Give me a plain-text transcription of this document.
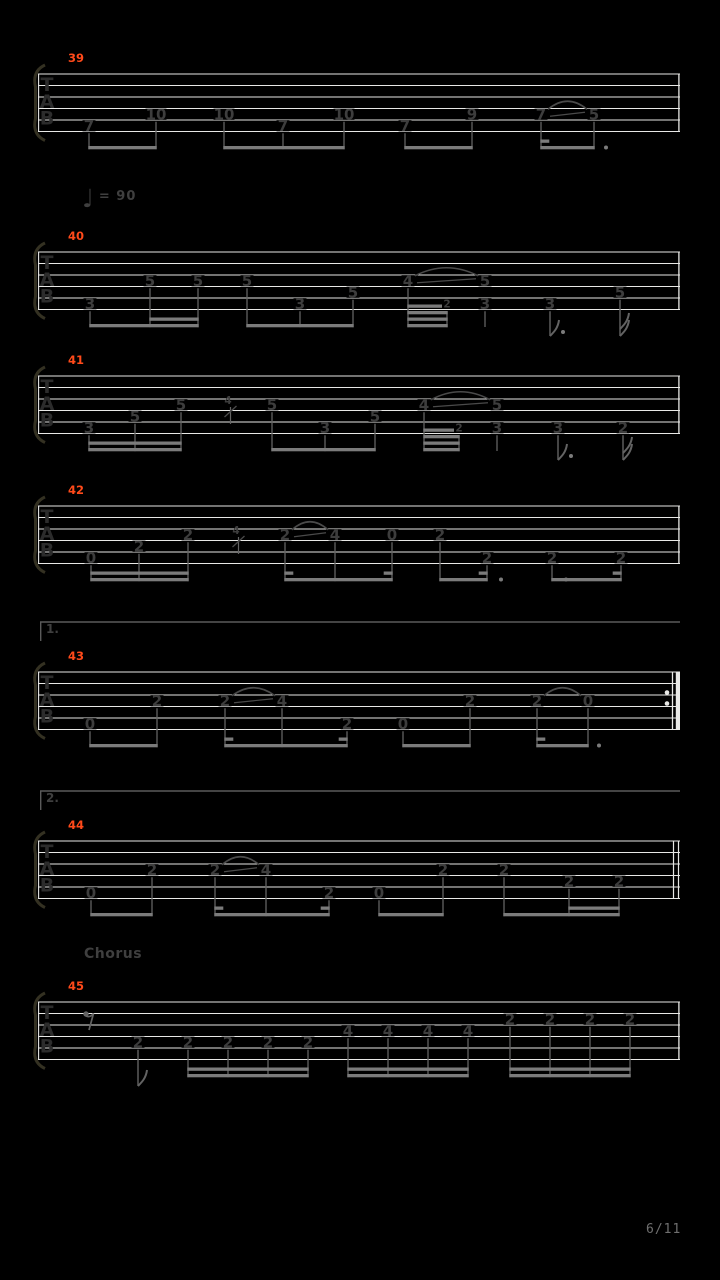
39
T
A
B 7
10	10
7
10
7
9	7	5
40
T
A
B 3
5	5	5
3
5
4	5
3	3
5
2
41
T
A
B 3
5
5	5
3
5
4	5
3	3	2
2
4
42
T
A
B 0
2
2	2	4	0	2
2	2	2
4
43
T
A
B 0
2	2	4
2	0
2	2	0
44
T
A
B 0
2	2	4
2	0
2	2
2	2
45
T
A
B	2	2 2 2 2
4 4 4 4
2 2 2 2
1.
2.
♩ $^{= 90}$
Chorus
6/11
